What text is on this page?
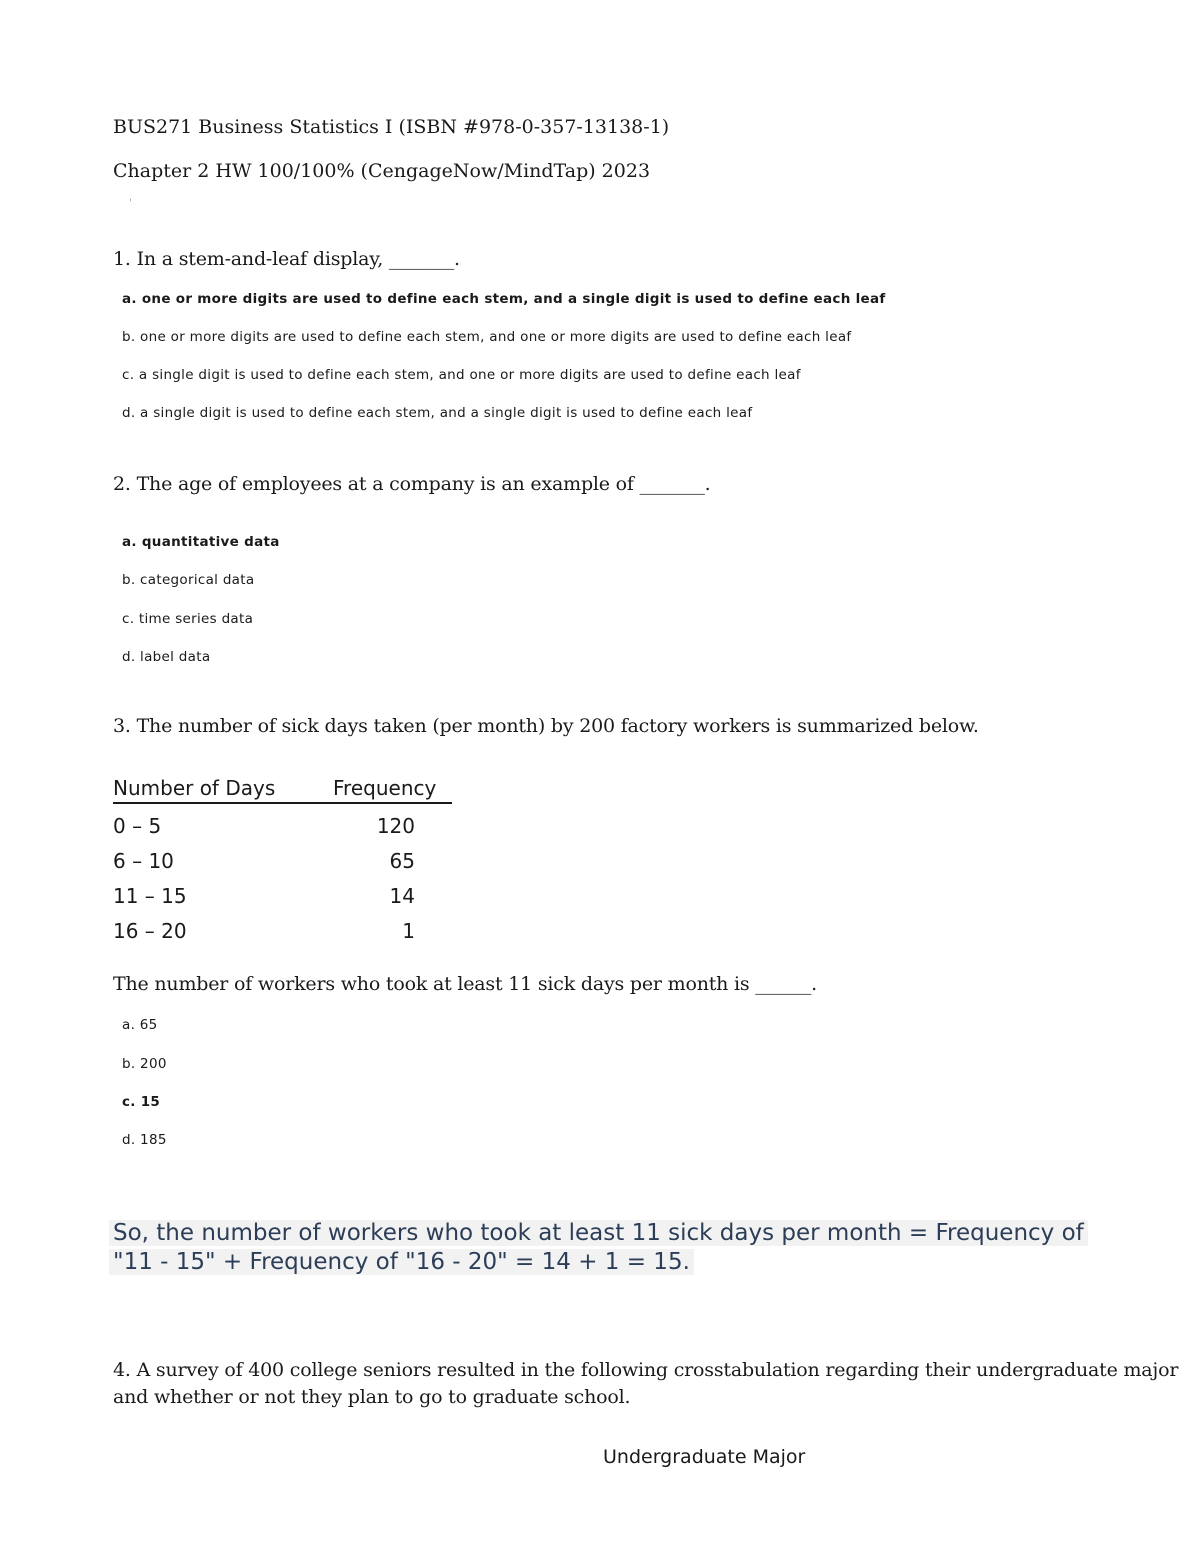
BUS271 Business Statistics I (ISBN #978-0-357-13138-1)
Chapter 2 HW 100/100% (CengageNow/MindTap) 2023
'
1. In a stem-and-leaf display, _______.
a. one or more digits are used to define each stem, and a single digit is used to define each leaf
b. one or more digits are used to define each stem, and one or more digits are used to define each leaf
c. a single digit is used to define each stem, and one or more digits are used to define each leaf
d. a single digit is used to define each stem, and a single digit is used to define each leaf
2. The age of employees at a company is an example of _______.
a. quantitative data
b. categorical data
c. time series data
d. label data
3. The number of sick days taken (per month) by 200 factory workers is summarized below.
Number of Days	Frequency
0 – 5	120
6 – 10	65
11 – 15	14
16 – 20	1
The number of workers who took at least 11 sick days per month is ______.
a. 65
b. 200
c. 15
d. 185
So, the number of workers who took at least 11 sick days per month = Frequency of
"11 - 15" + Frequency of "16 - 20" = 14 + 1 = 15.
4. A survey of 400 college seniors resulted in the following crosstabulation regarding their undergraduate major
and whether or not they plan to go to graduate school.
Undergraduate Major
